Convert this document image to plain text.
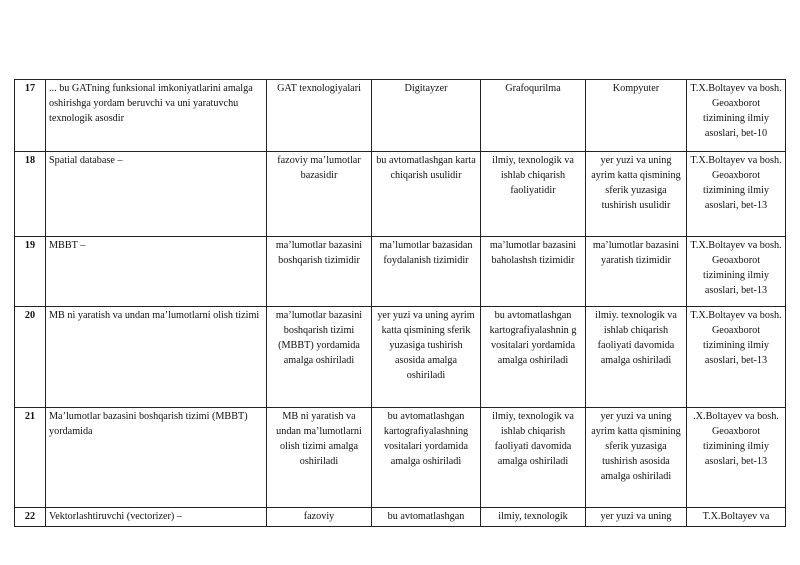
17	... bu GATning funksional imkoniyatlarini amalga oshirishga yordam beruvchi va uni yaratuvchu texnologik asosdir	GAT texnologiyalari	Digitayzer	Grafoqurilma	Kompyuter	T.X.Boltayev va bosh. Geoaxborot tizimining ilmiy asoslari, bet-10
18	Spatial database –	fazoviy ma’lumotlar bazasidir	bu avtomatlashgan karta chiqarish usulidir	ilmiy, texnologik va ishlab chiqarish faoliyatidir	yer yuzi va uning ayrim katta qismining sferik yuzasiga tushirish usulidir	T.X.Boltayev va bosh. Geoaxborot tizimining ilmiy asoslari, bet-13
19	MBBT –	ma’lumotlar bazasini boshqarish tizimidir	ma’lumotlar bazasidan foydalanish tizimidir	ma’lumotlar bazasini baholashsh tizimidir	ma’lumotlar bazasini yaratish tizimidir	T.X.Boltayev va bosh. Geoaxborot tizimining ilmiy asoslari, bet-13
20	MB ni yaratish va undan ma’lumotlarni olish tizimi	ma’lumotlar bazasini boshqarish tizimi (MBBT) yordamida amalga oshiriladi	yer yuzi va uning ayrim katta qismining sferik yuzasiga tushirish asosida amalga oshiriladi	bu avtomatlashgan kartografiyalashnin g vositalari yordamida amalga oshiriladi	ilmiy. texnologik va ishlab chiqarish faoliyati davomida amalga oshiriladi	T.X.Boltayev va bosh. Geoaxborot tizimining ilmiy asoslari, bet-13
21	Ma’lumotlar bazasini boshqarish tizimi (MBBT) yordamida	MB ni yaratish va undan ma’lumotlarni olish tizimi amalga oshiriladi	bu avtomatlashgan kartografiyalashning vositalari yordamida amalga oshiriladi	ilmiy, texnologik va ishlab chiqarish faoliyati davomida amalga oshiriladi	yer yuzi va uning ayrim katta qismining sferik yuzasiga tushirish asosida amalga oshiriladi	.X.Boltayev va bosh. Geoaxborot tizimining ilmiy asoslari, bet-13
22	Vektorlashtiruvchi (vectorizer) –	fazoviy	bu avtomatlashgan	ilmiy, texnologik	yer yuzi va uning	T.X.Boltayev va
